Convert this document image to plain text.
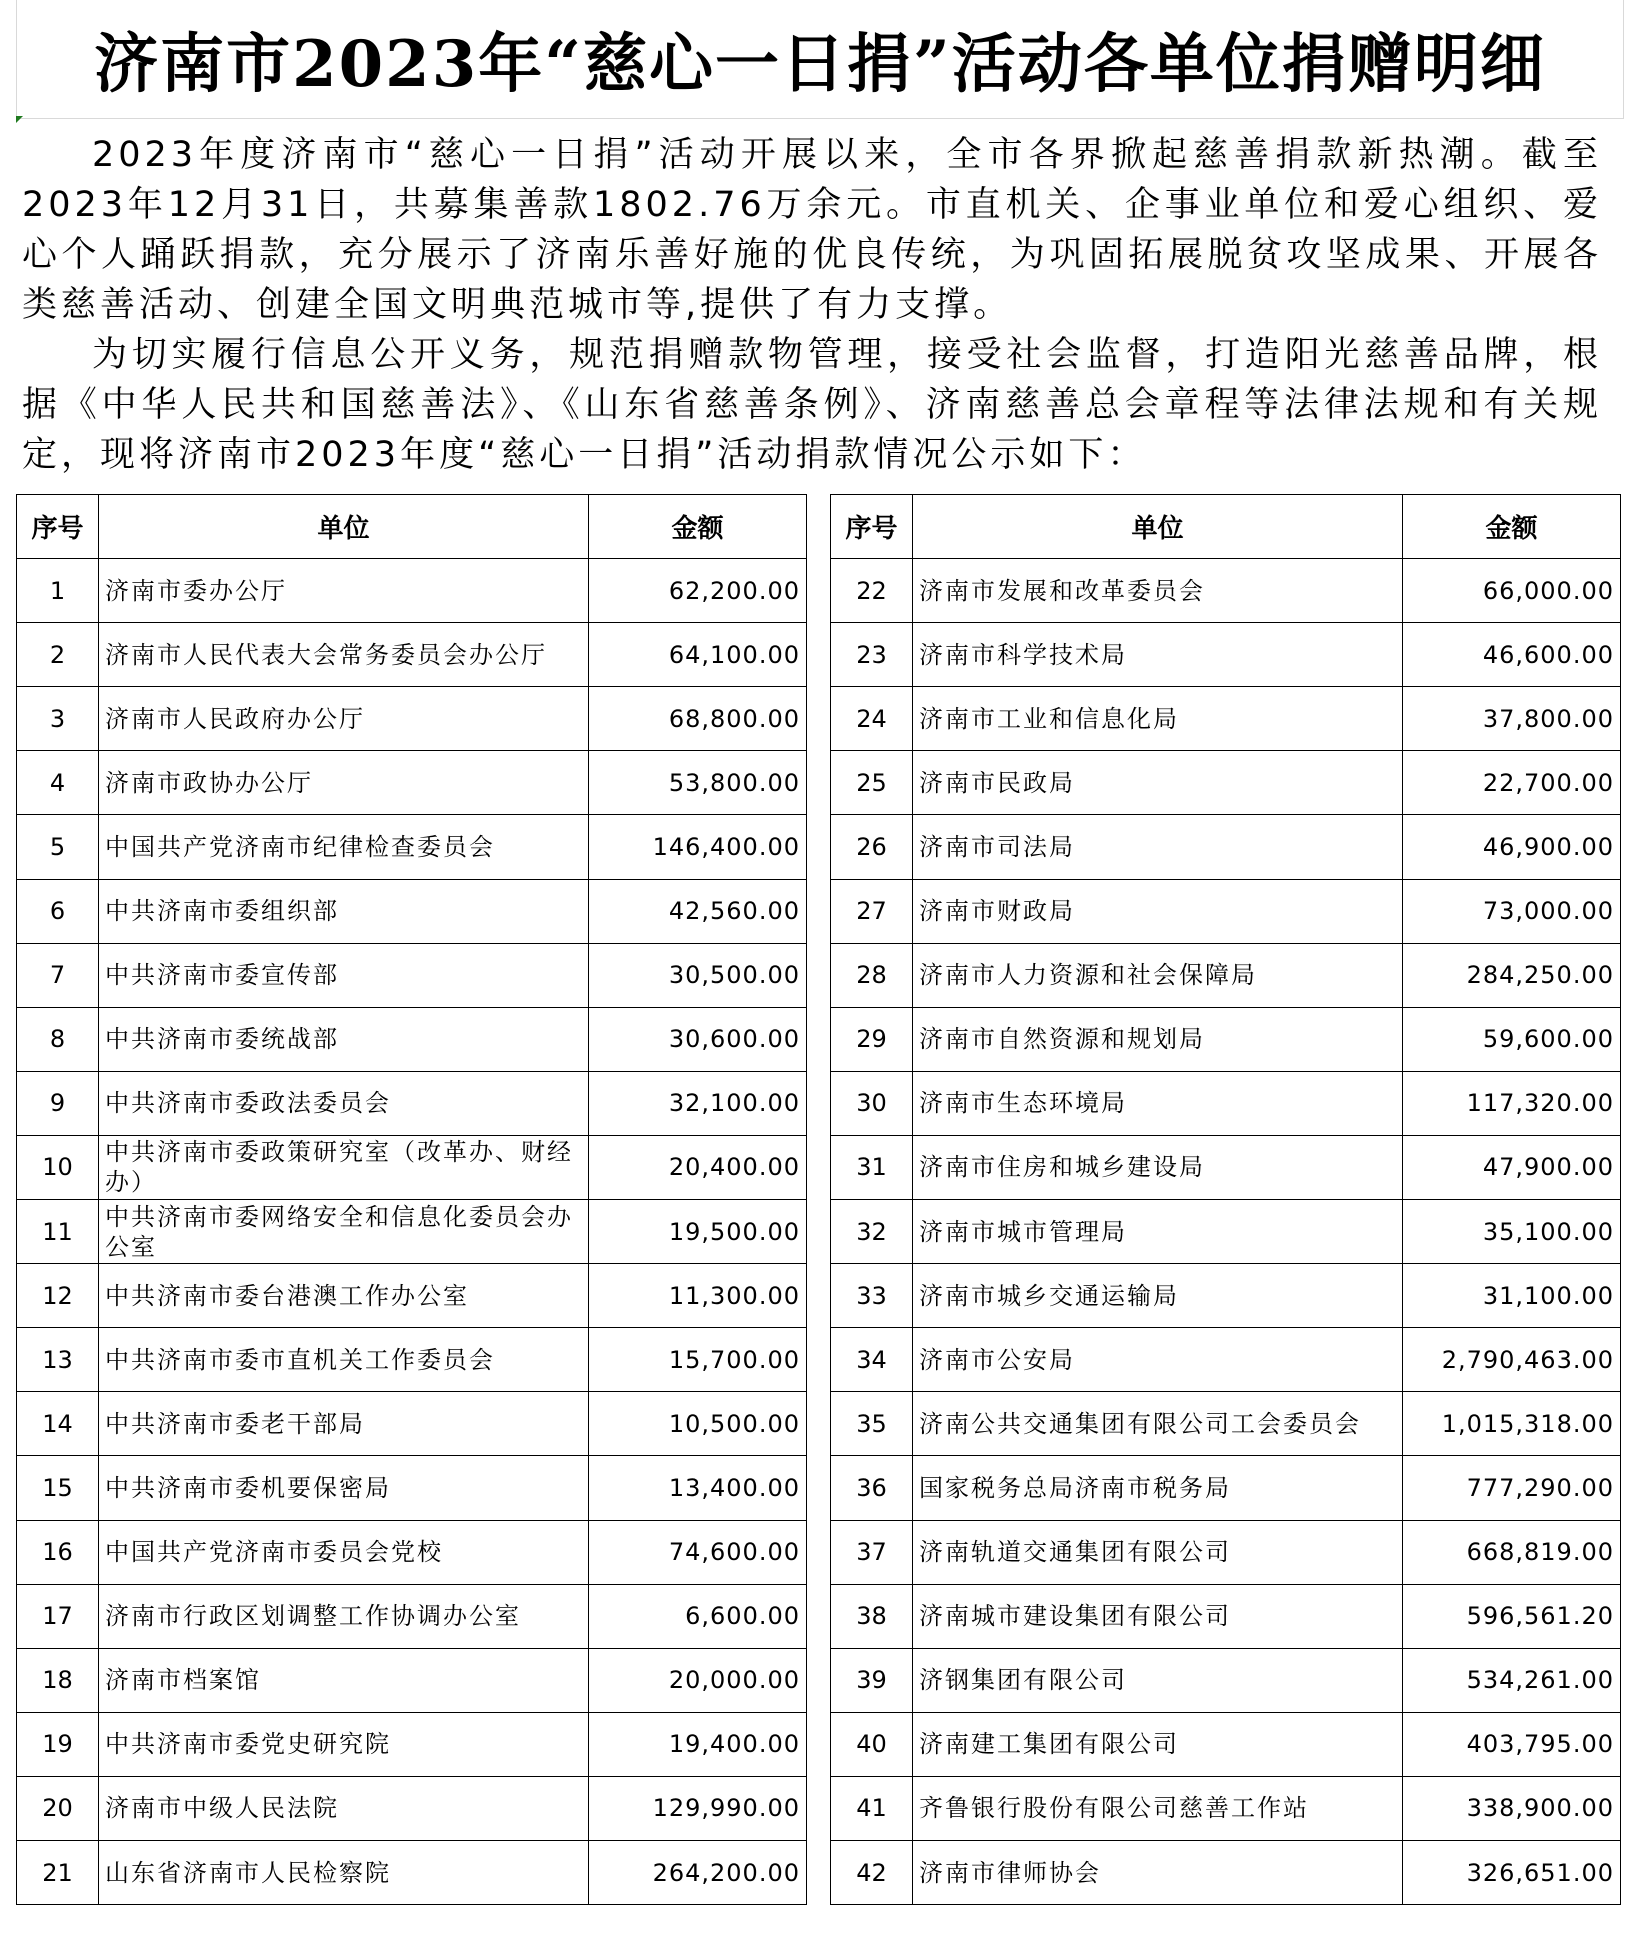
济南市2023年“慈心一日捐”活动各单位捐赠明细

2023年度济南市“慈心一日捐”活动开展以来，全市各界掀起慈善捐款新热潮。截至2023年12月31日，共募集善款1802.76万余元。市直机关、企事业单位和爱心组织、爱心个人踊跃捐款，充分展示了济南乐善好施的优良传统，为巩固拓展脱贫攻坚成果、开展各类慈善活动、创建全国文明典范城市等,提供了有力支撑。

为切实履行信息公开义务，规范捐赠款物管理，接受社会监督，打造阳光慈善品牌，根据《中华人民共和国慈善法》、《山东省慈善条例》、济南慈善总会章程等法律法规和有关规定，现将济南市2023年度“慈心一日捐”活动捐款情况公示如下：

序号	单位	金额		序号	单位	金额
1	济南市委办公厅	62,200.00		22	济南市发展和改革委员会	66,000.00
2	济南市人民代表大会常务委员会办公厅	64,100.00		23	济南市科学技术局	46,600.00
3	济南市人民政府办公厅	68,800.00		24	济南市工业和信息化局	37,800.00
4	济南市政协办公厅	53,800.00		25	济南市民政局	22,700.00
5	中国共产党济南市纪律检查委员会	146,400.00		26	济南市司法局	46,900.00
6	中共济南市委组织部	42,560.00		27	济南市财政局	73,000.00
7	中共济南市委宣传部	30,500.00		28	济南市人力资源和社会保障局	284,250.00
8	中共济南市委统战部	30,600.00		29	济南市自然资源和规划局	59,600.00
9	中共济南市委政法委员会	32,100.00		30	济南市生态环境局	117,320.00
10	中共济南市委政策研究室（改革办、财经办）	20,400.00		31	济南市住房和城乡建设局	47,900.00
11	中共济南市委网络安全和信息化委员会办公室	19,500.00		32	济南市城市管理局	35,100.00
12	中共济南市委台港澳工作办公室	11,300.00		33	济南市城乡交通运输局	31,100.00
13	中共济南市委市直机关工作委员会	15,700.00		34	济南市公安局	2,790,463.00
14	中共济南市委老干部局	10,500.00		35	济南公共交通集团有限公司工会委员会	1,015,318.00
15	中共济南市委机要保密局	13,400.00		36	国家税务总局济南市税务局	777,290.00
16	中国共产党济南市委员会党校	74,600.00		37	济南轨道交通集团有限公司	668,819.00
17	济南市行政区划调整工作协调办公室	6,600.00		38	济南城市建设集团有限公司	596,561.20
18	济南市档案馆	20,000.00		39	济钢集团有限公司	534,261.00
19	中共济南市委党史研究院	19,400.00		40	济南建工集团有限公司	403,795.00
20	济南市中级人民法院	129,990.00		41	齐鲁银行股份有限公司慈善工作站	338,900.00
21	山东省济南市人民检察院	264,200.00		42	济南市律师协会	326,651.00
